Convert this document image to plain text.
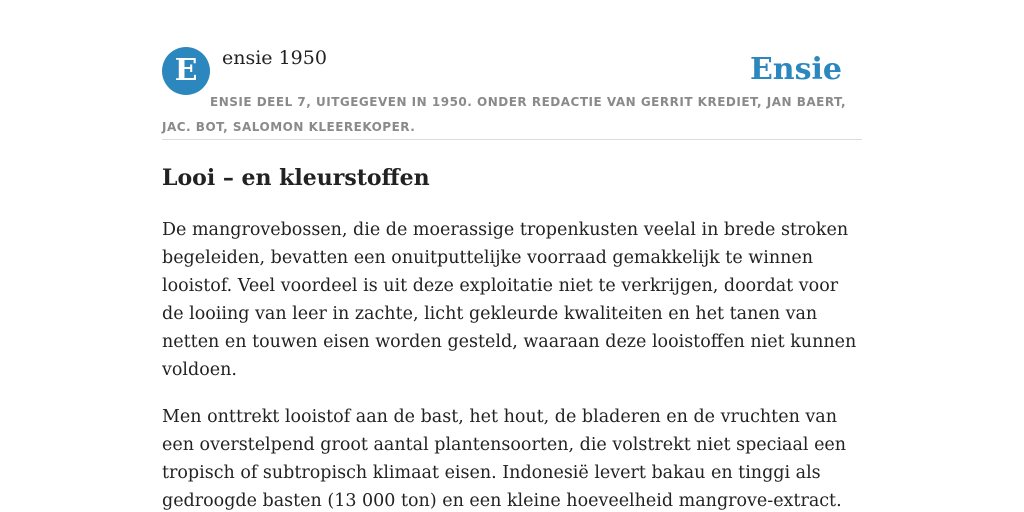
E	ensie 1950	Ensie
ENSIE DEEL 7, UITGEGEVEN IN 1950. ONDER REDACTIE VAN GERRIT KREDIET, JAN BAERT, JAC. BOT, SALOMON KLEEREKOPER.
Looi – en kleurstoffen

De mangrovebossen, die de moerassige tropenkusten veelal in brede stroken begeleiden, bevatten een onuitputtelijke voorraad gemakkelijk te winnen looistof. Veel voordeel is uit deze exploitatie niet te verkrijgen, doordat voor de looiing van leer in zachte, licht gekleurde kwaliteiten en het tanen van netten en touwen eisen worden gesteld, waaraan deze looistoffen niet kunnen voldoen.

Men onttrekt looistof aan de bast, het hout, de bladeren en de vruchten van een overstelpend groot aantal plantensoorten, die volstrekt niet speciaal een tropisch of subtropisch klimaat eisen. Indonesië levert bakau en tinggi als gedroogde basten (13 000 ton) en een kleine hoeveelheid mangrove-extract.
